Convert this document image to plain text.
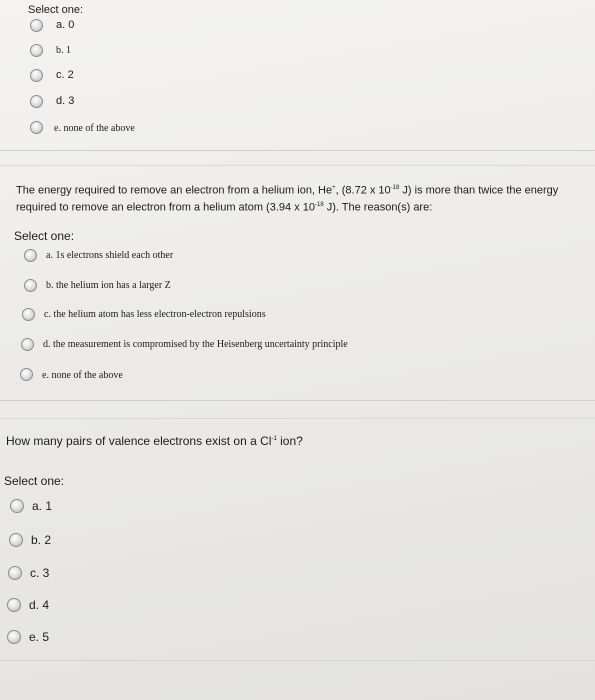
Select one:
a. 0
b. 1
c. 2
d. 3
e. none of the above
The energy required to remove an electron from a helium ion, He+, (8.72 x $10^{-18}$ J) is more than twice the energy
required to remove an electron from a helium atom (3.94 x $10^{-18}$ J). The reason(s) are:
Select one:
a. 1s electrons shield each other
b. the helium ion has a larger Z
c. the helium atom has less electron-electron repulsions
d. the measurement is compromised by the Heisenberg uncertainty principle
e. none of the above
How many pairs of valence electrons exist on a $Cl^{-1}$ ion?
Select one:
a. 1
b. 2
c. 3
d. 4
e. 5
